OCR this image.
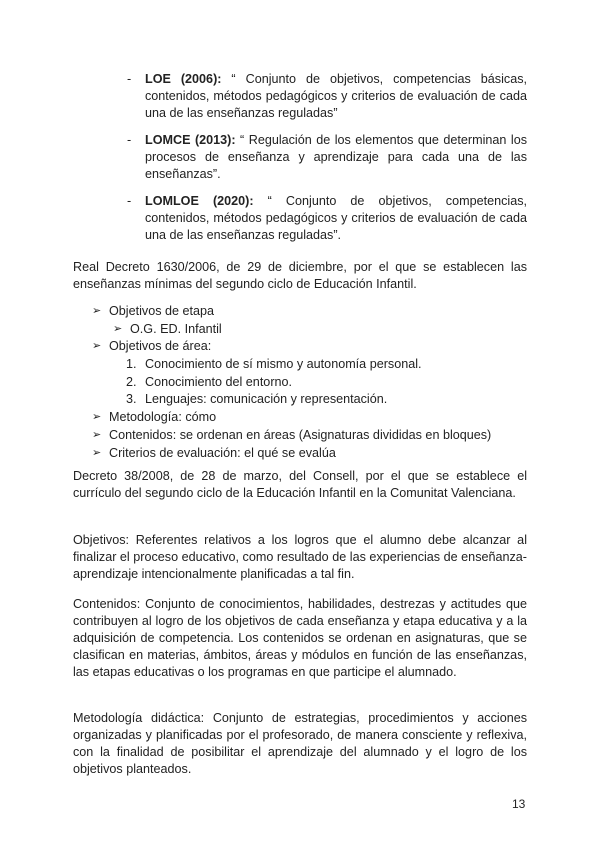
- LOE (2006): “ Conjunto de objetivos, competencias básicas, contenidos, métodos pedagógicos y criterios de evaluación de cada una de las enseñanzas reguladas”
- LOMCE (2013): “ Regulación de los elementos que determinan los procesos de enseñanza y aprendizaje para cada una de las enseñanzas”.
- LOMLOE (2020): “ Conjunto de objetivos, competencias, contenidos, métodos pedagógicos y criterios de evaluación de cada una de las enseñanzas reguladas”.
Real Decreto 1630/2006, de 29 de diciembre, por el que se establecen las enseñanzas mínimas del segundo ciclo de Educación Infantil.
➢ Objetivos de etapa
➢ O.G. ED. Infantil
➢ Objetivos de área:
1. Conocimiento de sí mismo y autonomía personal.
2. Conocimiento del entorno.
3. Lenguajes: comunicación y representación.
➢ Metodología: cómo
➢ Contenidos: se ordenan en áreas (Asignaturas divididas en bloques)
➢ Criterios de evaluación: el qué se evalúa
Decreto 38/2008, de 28 de marzo, del Consell, por el que se establece el currículo del segundo ciclo de la Educación Infantil en la Comunitat Valenciana.
Objetivos: Referentes relativos a los logros que el alumno debe alcanzar al finalizar el proceso educativo, como resultado de las experiencias de enseñanza-aprendizaje intencionalmente planificadas a tal fin.
Contenidos: Conjunto de conocimientos, habilidades, destrezas y actitudes que contribuyen al logro de los objetivos de cada enseñanza y etapa educativa y a la adquisición de competencia. Los contenidos se ordenan en asignaturas, que se clasifican en materias, ámbitos, áreas y módulos en función de las enseñanzas, las etapas educativas o los programas en que participe el alumnado.
Metodología didáctica: Conjunto de estrategias, procedimientos y acciones organizadas y planificadas por el profesorado, de manera consciente y reflexiva, con la finalidad de posibilitar el aprendizaje del alumnado y el logro de los objetivos planteados.
13
